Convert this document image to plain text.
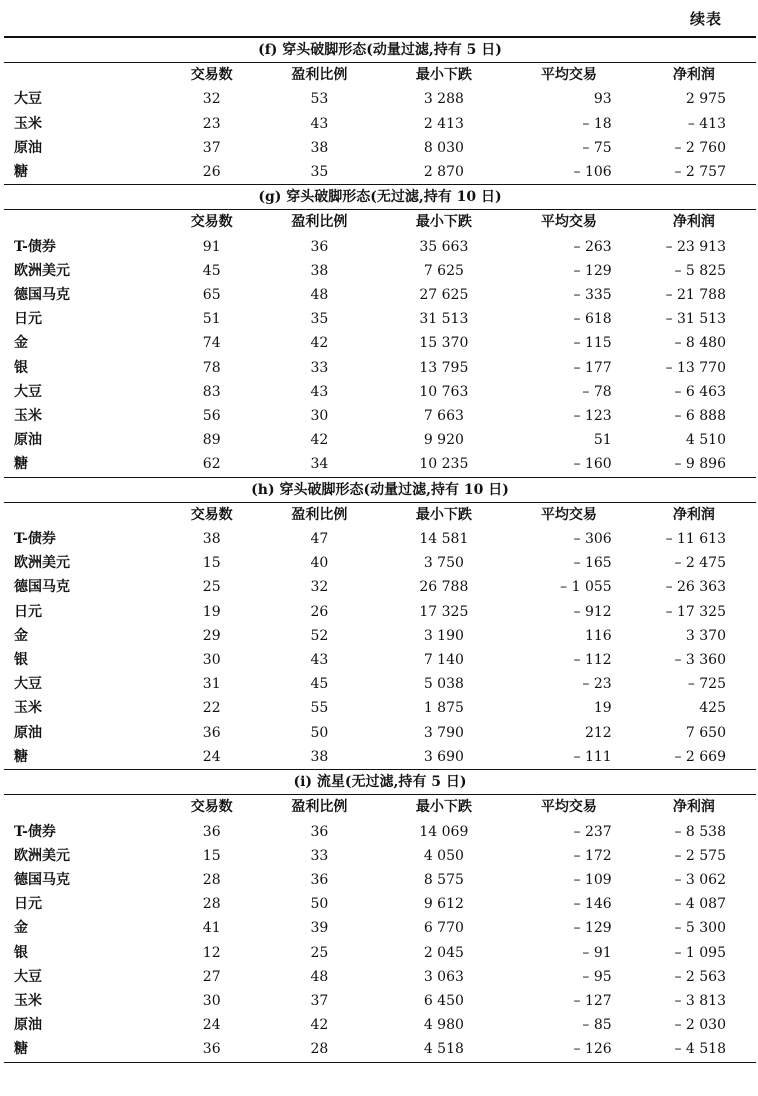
续表
(f) 穿头破脚形态(动量过滤,持有 5 日)					
	交易数	盈利比例	最小下跌	平均交易	净利润
大豆	32	53	3 288	93	2 975
玉米	23	43	2 413	– 18	– 413
原油	37	38	8 030	– 75	– 2 760
糖	26	35	2 870	– 106	– 2 757
(g) 穿头破脚形态(无过滤,持有 10 日)					
	交易数	盈利比例	最小下跌	平均交易	净利润
T-债券	91	36	35 663	– 263	– 23 913
欧洲美元	45	38	7 625	– 129	– 5 825
德国马克	65	48	27 625	– 335	– 21 788
日元	51	35	31 513	– 618	– 31 513
金	74	42	15 370	– 115	– 8 480
银	78	33	13 795	– 177	– 13 770
大豆	83	43	10 763	– 78	– 6 463
玉米	56	30	7 663	– 123	– 6 888
原油	89	42	9 920	51	4 510
糖	62	34	10 235	– 160	– 9 896
(h) 穿头破脚形态(动量过滤,持有 10 日)					
	交易数	盈利比例	最小下跌	平均交易	净利润
T-债券	38	47	14 581	– 306	– 11 613
欧洲美元	15	40	3 750	– 165	– 2 475
德国马克	25	32	26 788	– 1 055	– 26 363
日元	19	26	17 325	– 912	– 17 325
金	29	52	3 190	116	3 370
银	30	43	7 140	– 112	– 3 360
大豆	31	45	5 038	– 23	– 725
玉米	22	55	1 875	19	425
原油	36	50	3 790	212	7 650
糖	24	38	3 690	– 111	– 2 669
(i) 流星(无过滤,持有 5 日)					
	交易数	盈利比例	最小下跌	平均交易	净利润
T-债券	36	36	14 069	– 237	– 8 538
欧洲美元	15	33	4 050	– 172	– 2 575
德国马克	28	36	8 575	– 109	– 3 062
日元	28	50	9 612	– 146	– 4 087
金	41	39	6 770	– 129	– 5 300
银	12	25	2 045	– 91	– 1 095
大豆	27	48	3 063	– 95	– 2 563
玉米	30	37	6 450	– 127	– 3 813
原油	24	42	4 980	– 85	– 2 030
糖	36	28	4 518	– 126	– 4 518
